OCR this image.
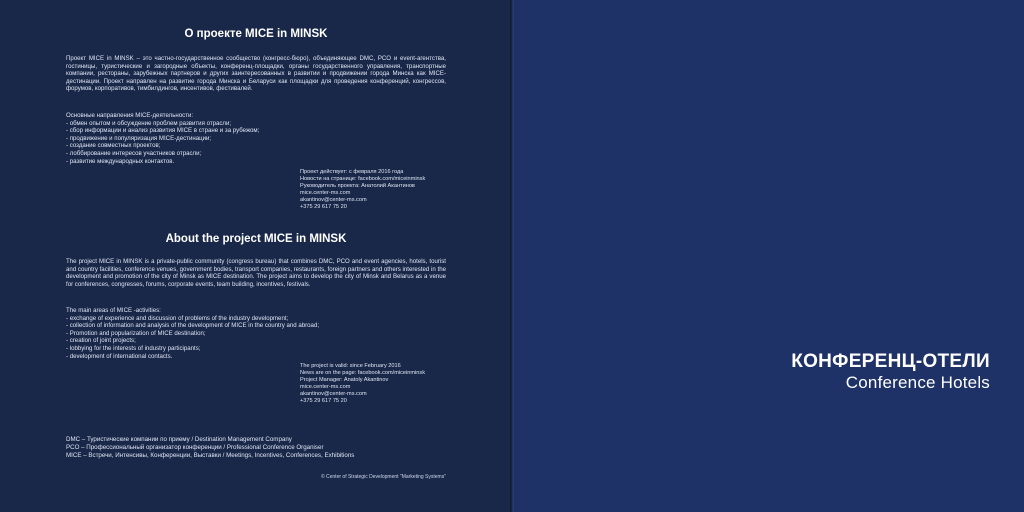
О проекте MICE in MINSK

Проект MICE in MINSK – это частно-государственное сообщество (конгресс-бюро), объединяющее DMC, PCO и event-агентства, гостиницы, туристические и загородные объекты, конференц-площадки, органы государственного управления, транспортные компании, рестораны, зарубежных партнеров и других заинтересованных в развитии и продвижении города Минска как MICE-дестинации. Проект направлен на развитие города Минска и Беларуси как площадки для проведения конференций, конгрессов, форумов, корпоративов, тимбилдингов, инсентивов, фестивалей.

Основные направления MICE-деятельности:

- обмен опытом и обсуждение проблем развития отрасли;
- сбор информации и анализ развития MICE в стране и за рубежом;
- продвижение и популяризация MICE-дестинации;
- создание совместных проектов;
- лоббирование интересов участников отрасли;
- развитие международных контактов.
Проект действует: с февраля 2016 года
Новости на странице: facebook.com/miceinminsk
Руководитель проекта: Анатолий Акантинов
mice.center-ms.com
akantinov@center-ms.com
+375 29 617 75 20
About the project MICE in MINSK

The project MICE in MINSK is a private-public community (congress bureau) that combines DMC, PCO and event agencies, hotels, tourist and country facilities, conference venues, government bodies, transport companies, restaurants, foreign partners and others interested in the development and promotion of the city of Minsk as MICE destination. The project aims to develop the city of Minsk and Belarus as a venue for conferences, congresses, forums, corporate events, team building, incentives, festivals.

The main areas of MICE -activities:

- exchange of experience and discussion of problems of the industry development;
- collection of information and analysis of the development of MICE in the country and abroad;
- Promotion and popularization of MICE destination;
- creation of joint projects;
- lobbying for the interests of industry participants;
- development of international contacts.
The project is valid: since February 2016
News are on the page: facebook.com/miceinminsk
Project Manager: Anatoly Akantinov
mice.center-ms.com
akantinov@center-ms.com
+375 29 617 75 20
DMC – Туристические компании по приему / Destination Management Company
PCO – Профессиональный организатор конференции / Professional Conference Organiser
MICE – Встречи, Интенсивы, Конференции, Выставки / Meetings, Incentives, Conferences, Exhibitions
© Center of Strategic Development "Marketing Systems"
КОНФЕРЕНЦ-ОТЕЛИ
Conference Hotels
